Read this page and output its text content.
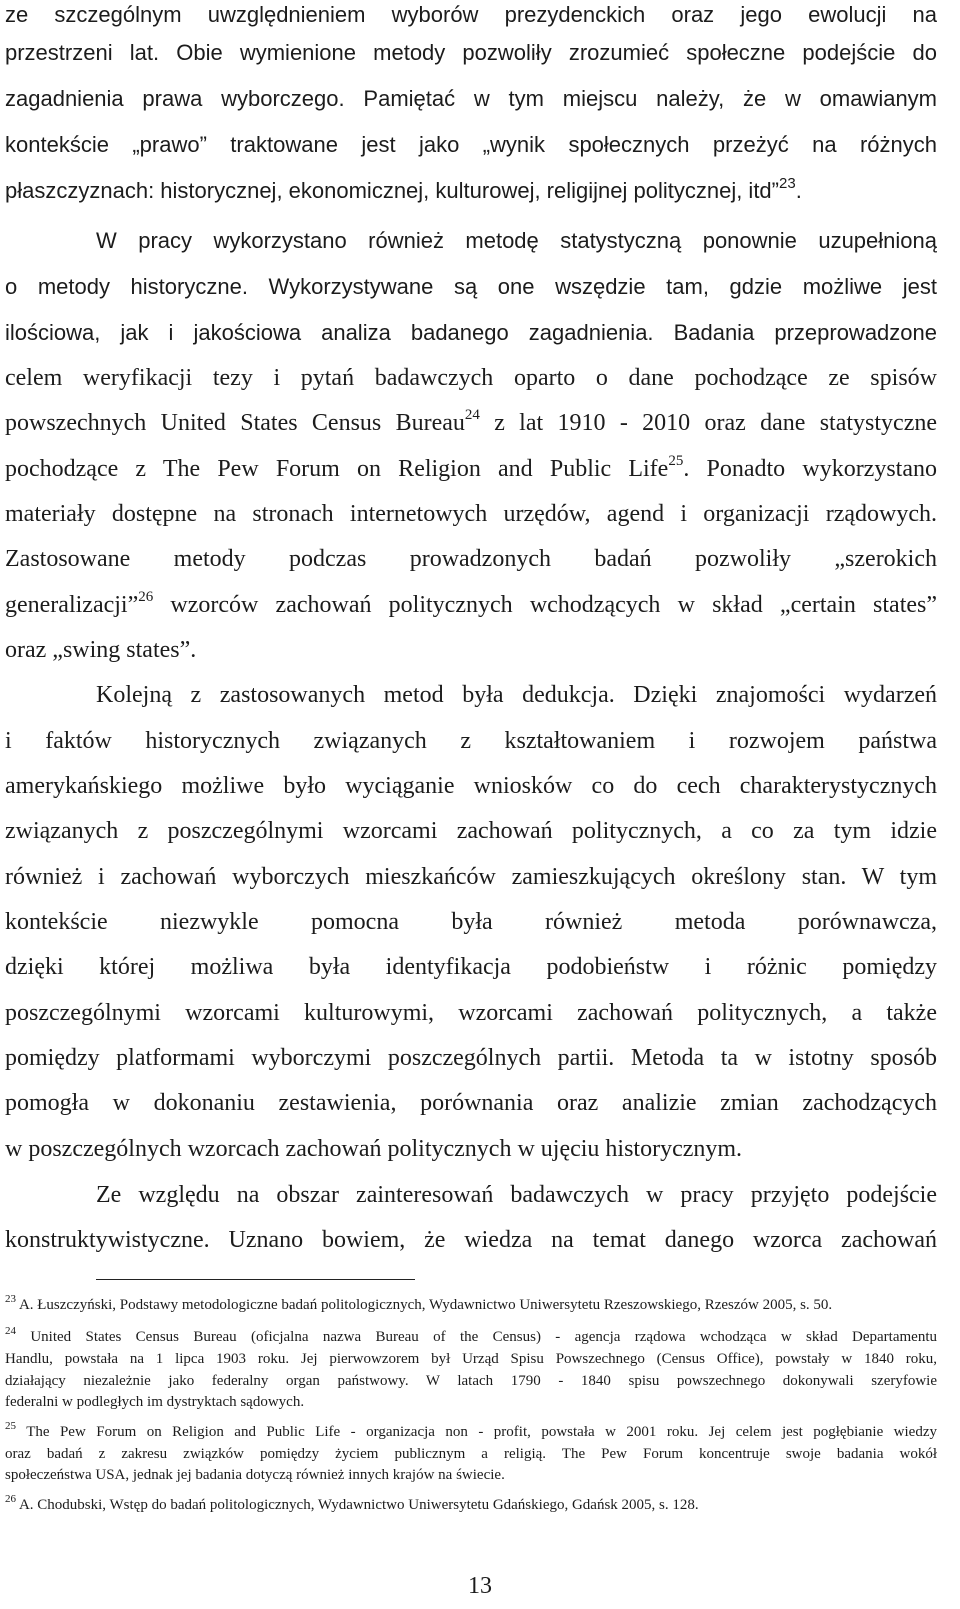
ze szczególnym uwzględnieniem wyborów prezydenckich oraz jego ewolucji na
przestrzeni lat. Obie wymienione metody pozwoliły zrozumieć społeczne podejście do
zagadnienia prawa wyborczego. Pamiętać w tym miejscu należy, że w omawianym
kontekście „prawo” traktowane jest jako „wynik społecznych przeżyć na różnych
płaszczyznach: historycznej, ekonomicznej, kulturowej, religijnej politycznej, itd”$^{23}$.
W pracy wykorzystano również metodę statystyczną ponownie uzupełnioną
o metody historyczne. Wykorzystywane są one wszędzie tam, gdzie możliwe jest
ilościowa, jak i jakościowa analiza badanego zagadnienia. Badania przeprowadzone
celem weryfikacji tezy i pytań badawczych oparto o dane pochodzące ze spisów
powszechnych United States Census Bureau$^{24}$ z lat 1910 - 2010 oraz dane statystyczne
pochodzące z The Pew Forum on Religion and Public Life$^{25}$. Ponadto wykorzystano
materiały dostępne na stronach internetowych urzędów, agend i organizacji rządowych.
Zastosowane metody podczas prowadzonych badań pozwoliły „szerokich
generalizacji”$^{26}$ wzorców zachowań politycznych wchodzących w skład „certain states”
oraz „swing states”.
Kolejną z zastosowanych metod była dedukcja. Dzięki znajomości wydarzeń
i faktów historycznych związanych z kształtowaniem i rozwojem państwa
amerykańskiego możliwe było wyciąganie wniosków co do cech charakterystycznych
związanych z poszczególnymi wzorcami zachowań politycznych, a co za tym idzie
również i zachowań wyborczych mieszkańców zamieszkujących określony stan. W tym
kontekście niezwykle pomocna była również metoda porównawcza,
dzięki której możliwa była identyfikacja podobieństw i różnic pomiędzy
poszczególnymi wzorcami kulturowymi, wzorcami zachowań politycznych, a także
pomiędzy platformami wyborczymi poszczególnych partii. Metoda ta w istotny sposób
pomogła w dokonaniu zestawienia, porównania oraz analizie zmian zachodzących
w poszczególnych wzorcach zachowań politycznych w ujęciu historycznym.
Ze względu na obszar zainteresowań badawczych w pracy przyjęto podejście
konstruktywistyczne. Uznano bowiem, że wiedza na temat danego wzorca zachowań
$^{23}$ A. Łuszczyński, Podstawy metodologiczne badań politologicznych, Wydawnictwo Uniwersytetu Rzeszowskiego, Rzeszów 2005, s. 50.
$^{24}$ United States Census Bureau (oficjalna nazwa Bureau of the Census) - agencja rządowa wchodząca w skład Departamentu
Handlu, powstała na 1 lipca 1903 roku. Jej pierwowzorem był Urząd Spisu Powszechnego (Census Office), powstały w 1840 roku,
działający niezależnie jako federalny organ państwowy. W latach 1790 - 1840 spisu powszechnego dokonywali szeryfowie
federalni w podległych im dystryktach sądowych.
$^{25}$ The Pew Forum on Religion and Public Life - organizacja non - profit, powstała w 2001 roku. Jej celem jest pogłębianie wiedzy
oraz badań z zakresu związków pomiędzy życiem publicznym a religią. The Pew Forum koncentruje swoje badania wokół
społeczeństwa USA, jednak jej badania dotyczą również innych krajów na świecie.
$^{26}$ A. Chodubski, Wstęp do badań politologicznych, Wydawnictwo Uniwersytetu Gdańskiego, Gdańsk 2005, s. 128.
13
